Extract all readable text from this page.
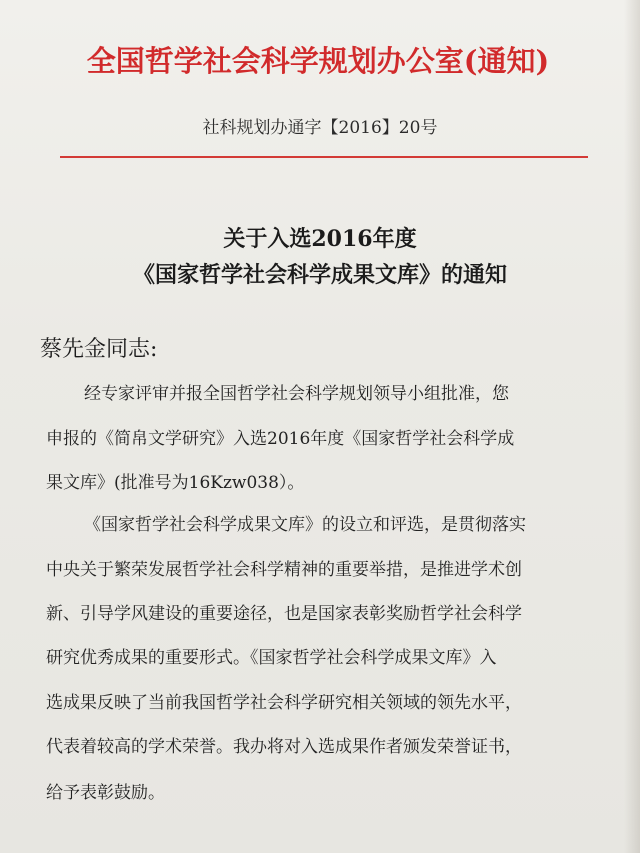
全国哲学社会科学规划办公室(通知)
社科规划办通字【2016】20号
关于入选2016年度
《国家哲学社会科学成果文库》的通知
蔡先金同志:
经专家评审并报全国哲学社会科学规划领导小组批准，您
申报的《简帛文学研究》入选2016年度《国家哲学社会科学成
果文库》(批准号为16Kzw038）。
《国家哲学社会科学成果文库》的设立和评选，是贯彻落实
中央关于繁荣发展哲学社会科学精神的重要举措，是推进学术创
新、引导学风建设的重要途径，也是国家表彰奖励哲学社会科学
研究优秀成果的重要形式。《国家哲学社会科学成果文库》入
选成果反映了当前我国哲学社会科学研究相关领域的领先水平，
代表着较高的学术荣誉。我办将对入选成果作者颁发荣誉证书，
给予表彰鼓励。
